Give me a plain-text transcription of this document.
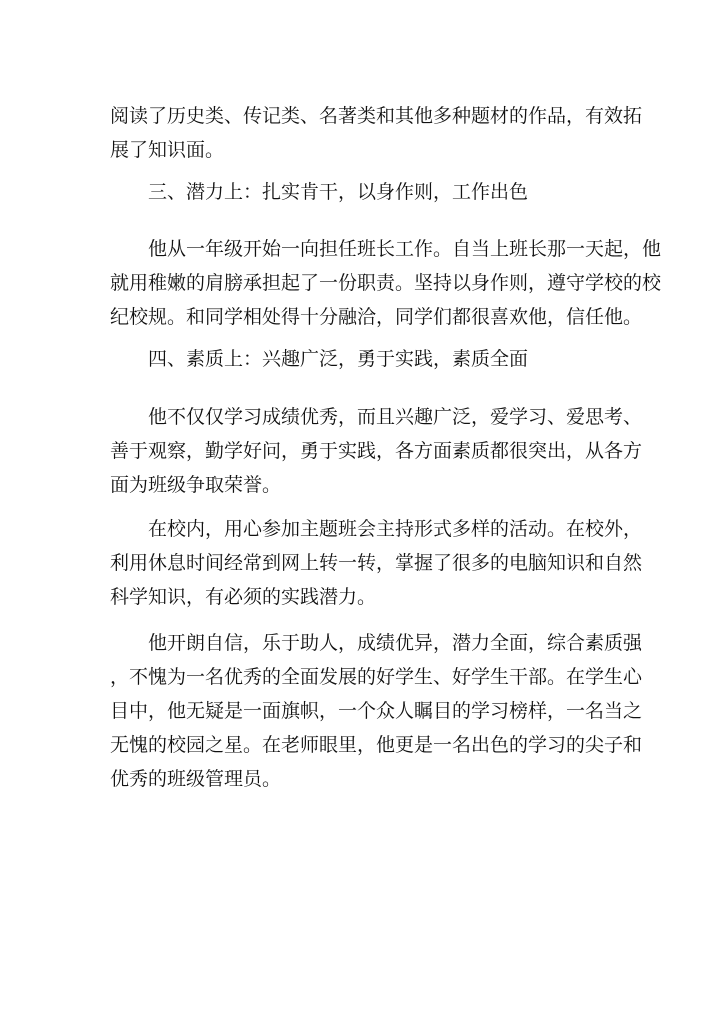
阅读了历史类、传记类、名著类和其他多种题材的作品，有效拓
展了知识面。

三、潜力上：扎实肯干，以身作则，工作出色

他从一年级开始一向担任班长工作。自当上班长那一天起，他
就用稚嫩的肩膀承担起了一份职责。坚持以身作则，遵守学校的校
纪校规。和同学相处得十分融洽，同学们都很喜欢他，信任他。

四、素质上：兴趣广泛，勇于实践，素质全面

他不仅仅学习成绩优秀，而且兴趣广泛，爱学习、爱思考、
善于观察，勤学好问，勇于实践，各方面素质都很突出，从各方
面为班级争取荣誉。

在校内，用心参加主题班会主持形式多样的活动。在校外，
利用休息时间经常到网上转一转，掌握了很多的电脑知识和自然
科学知识，有必须的实践潜力。

他开朗自信，乐于助人，成绩优异，潜力全面，综合素质强
，不愧为一名优秀的全面发展的好学生、好学生干部。在学生心
目中，他无疑是一面旗帜，一个众人瞩目的学习榜样，一名当之
无愧的校园之星。在老师眼里，他更是一名出色的学习的尖子和
优秀的班级管理员。
